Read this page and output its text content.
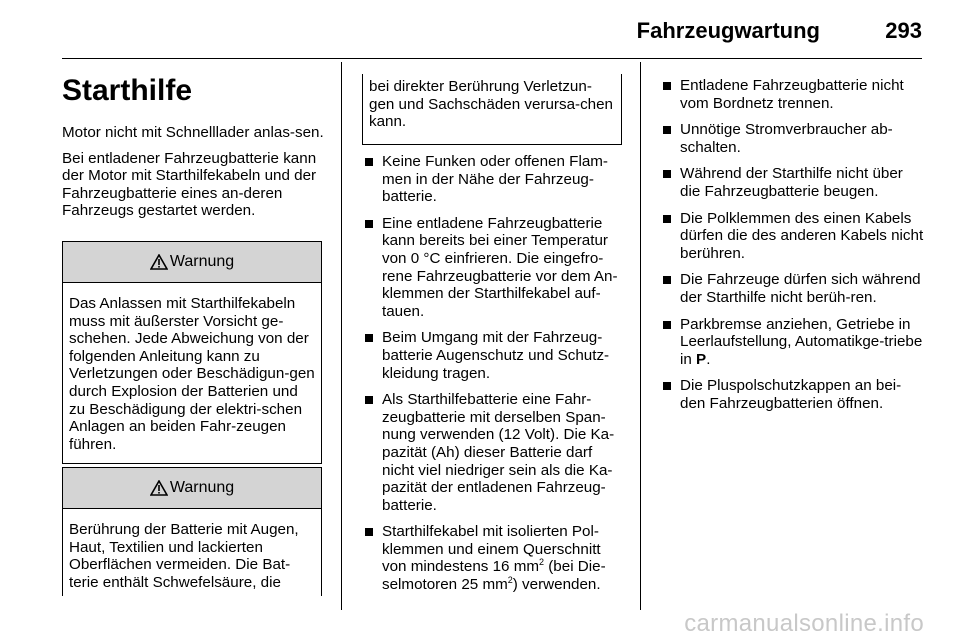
Fahrzeugwartung	293
Starthilfe

Motor nicht mit Schnelllader anlas-sen.

Bei entladener Fahrzeugbatterie kann der Motor mit Starthilfekabeln und der Fahrzeugbatterie eines an-deren Fahrzeugs gestartet werden.

Warnung
Das Anlassen mit Starthilfekabeln muss mit äußerster Vorsicht ge-schehen. Jede Abweichung von der folgenden Anleitung kann zu Verletzungen oder Beschädigun-gen durch Explosion der Batterien und zu Beschädigung der elektri-schen Anlagen an beiden Fahr-zeugen führen.
Warnung
Berührung der Batterie mit Augen, Haut, Textilien und lackierten Oberflächen vermeiden. Die Bat-terie enthält Schwefelsäure, die
bei direkter Berührung Verletzun-gen und Sachschäden verursa-chen kann.
Keine Funken oder offenen Flam-men in der Nähe der Fahrzeug-batterie.
Eine entladene Fahrzeugbatterie kann bereits bei einer Temperatur von 0 °C einfrieren. Die eingefro-rene Fahrzeugbatterie vor dem An-klemmen der Starthilfekabel auf-tauen.
Beim Umgang mit der Fahrzeug-batterie Augenschutz und Schutz-kleidung tragen.
Als Starthilfebatterie eine Fahr-zeugbatterie mit derselben Span-nung verwenden (12 Volt). Die Ka-pazität (Ah) dieser Batterie darf nicht viel niedriger sein als die Ka-pazität der entladenen Fahrzeug-batterie.
Starthilfekabel mit isolierten Pol-klemmen und einem Querschnitt von mindestens 16 $mm^2$ (bei Die-selmotoren 25 $mm^2$) verwenden.
Entladene Fahrzeugbatterie nicht vom Bordnetz trennen.
Unnötige Stromverbraucher ab-schalten.
Während der Starthilfe nicht über die Fahrzeugbatterie beugen.
Die Polklemmen des einen Kabels dürfen die des anderen Kabels nicht berühren.
Die Fahrzeuge dürfen sich während der Starthilfe nicht berüh-ren.
Parkbremse anziehen, Getriebe in Leerlaufstellung, Automatikge-triebe in P.
Die Pluspolschutzkappen an bei-den Fahrzeugbatterien öffnen.
carmanualsonline.info
